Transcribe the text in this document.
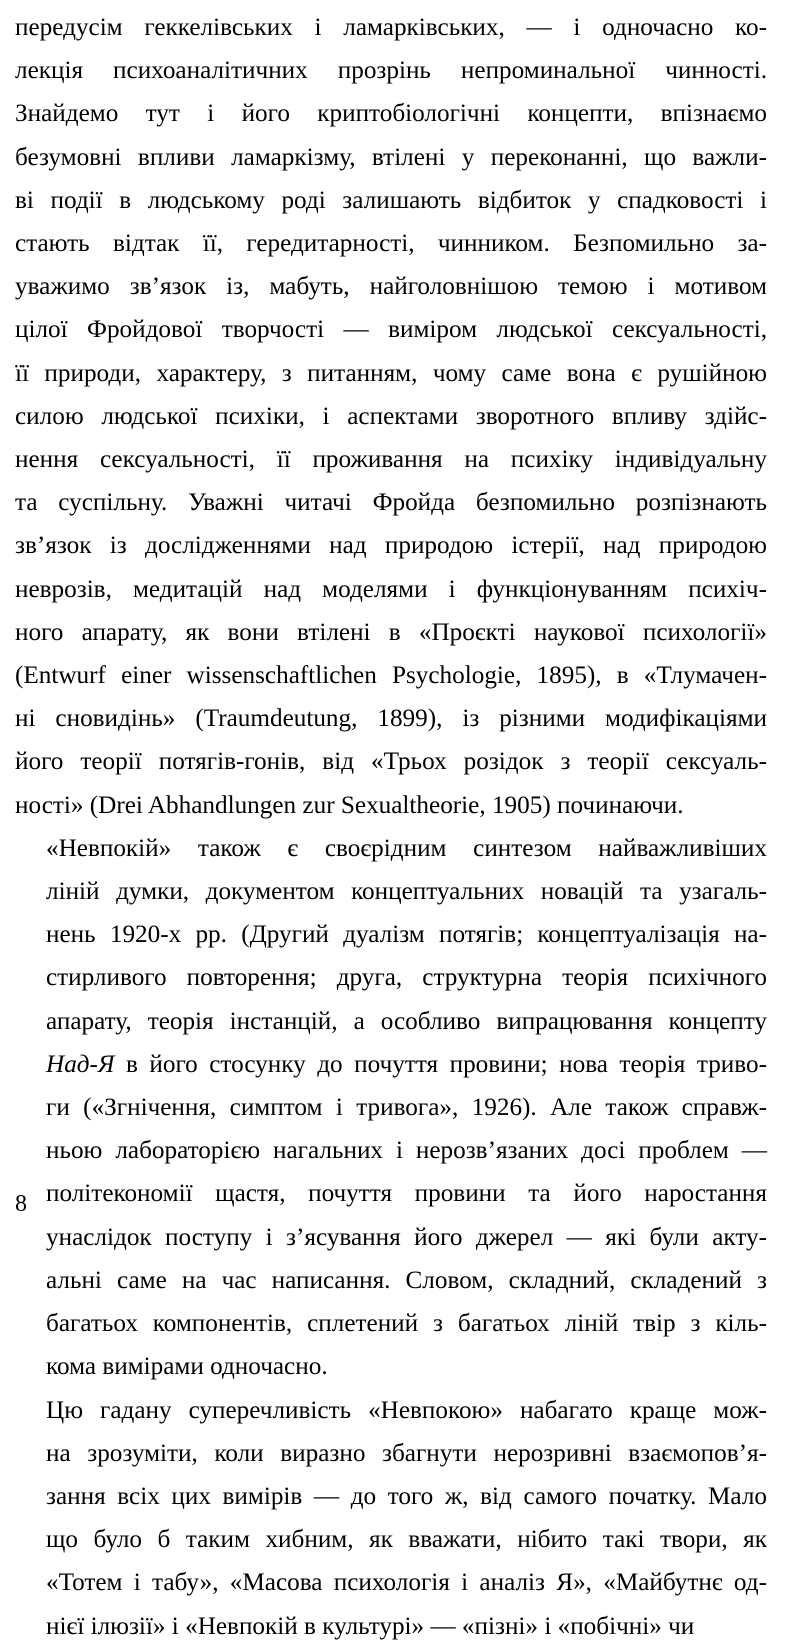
передусім геккелівських і ламарківських, — і одночасно ко-
лекція психоаналітичних прозрінь непроминальної чинності.
Знайдемо тут і його криптобіологічні концепти, впізнаємо
безумовні впливи ламаркізму, втілені у переконанні, що важли-
ві події в людському роді залишають відбиток у спадковості і
стають відтак її, гередитарності, чинником. Безпомильно за-
уважимо зв’язок із, мабуть, найголовнішою темою і мотивом
цілої Фройдової творчості — виміром людської сексуальності,
її природи, характеру, з питанням, чому саме вона є рушійною
силою людської психіки, і аспектами зворотного впливу здійс-
нення сексуальності, її проживання на психіку індивідуальну
та суспільну. Уважні читачі Фройда безпомильно розпізнають
зв’язок із дослідженнями над природою істерії, над природою
неврозів, медитацій над моделями і функціонуванням психіч-
ного апарату, як вони втілені в «Проєкті наукової психології»
(Entwurf einer wissenschaftlichen Psychologie, 1895), в «Тлумачен-
ні сновидінь» (Traumdeutung, 1899), із різними модифікаціями
його теорії потягів-гонів, від «Трьох розідок з теорії сексуаль-
ності» (Drei Abhandlungen zur Sexualtheorie, 1905) починаючи.
«Невпокій» також є своєрідним синтезом найважливіших
ліній думки, документом концептуальних новацій та узагаль-
нень 1920-х рр. (Другий дуалізм потягів; концептуалізація на-
стирливого повторення; друга, структурна теорія психічного
апарату, теорія інстанцій, а особливо випрацювання концепту
Над-Я в його стосунку до почуття провини; нова теорія триво-
ги («Згнічення, симптом і тривога», 1926). Але також справж-
ньою лабораторією нагальних і нерозв’язаних досі проблем —
політекономії щастя, почуття провини та його наростання
унаслідок поступу і з’ясування його джерел — які були акту-
альні саме на час написання. Словом, складний, складений з
багатьох компонентів, сплетений з багатьох ліній твір з кіль-
кома вимірами одночасно.
Цю гадану суперечливість «Невпокою» набагато краще мож-
на зрозуміти, коли виразно збагнути нерозривні взаємопов’я-
зання всіх цих вимірів — до того ж, від самого початку. Мало
що було б таким хибним, як вважати, нібито такі твори, як
«Тотем і табу», «Масова психологія і аналіз Я», «Майбутнє од-
нієї ілюзії» і «Невпокій в культурі» — «пізні» і «побічні» чи
8
